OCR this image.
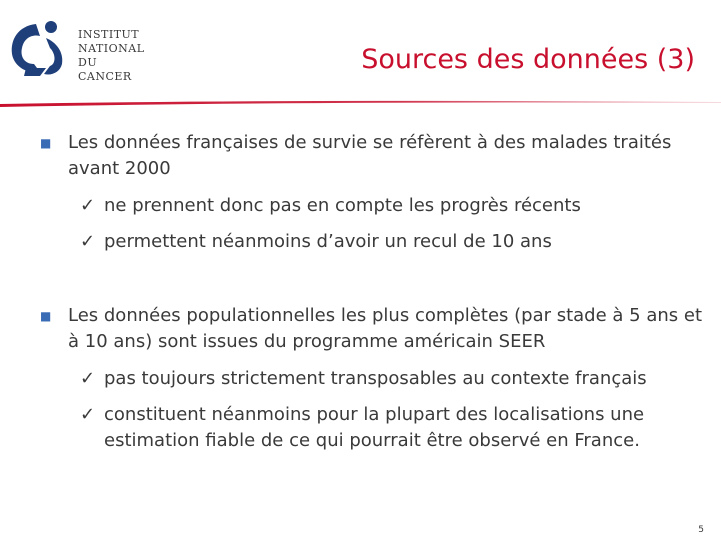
INSTITUT
NATIONAL
DU CANCER
Sources des données (3)
■ Les données françaises de survie se réfèrent à des malades traités avant 2000
✓ ne prennent donc pas en compte les progrès récents
✓ permettent néanmoins d’avoir un recul de 10 ans
■ Les données populationnelles les plus complètes (par stade à 5 ans et à 10 ans) sont issues du programme américain SEER
✓ pas toujours strictement transposables au contexte français
✓ constituent néanmoins pour la plupart des localisations une estimation fiable de ce qui pourrait être observé en France.
5
